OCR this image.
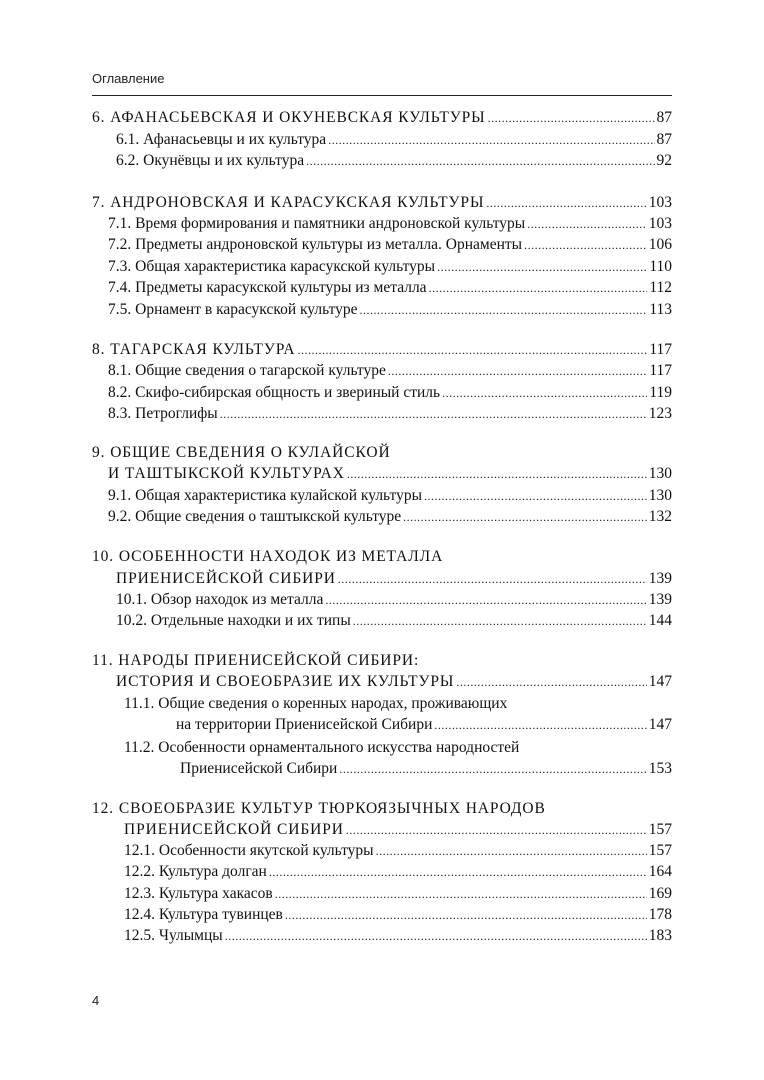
Оглавление
6. АФАНАСЬЕВСКАЯ И ОКУНЕВСКАЯ КУЛЬТУРЫ .....	87
6.1. Афанасьевцы и их культура .....	87
6.2. Окунёвцы и их культура .....	92
7. АНДРОНОВСКАЯ И КАРАСУКСКАЯ КУЛЬТУРЫ .....	103
7.1. Время формирования и памятники андроновской культуры .....	103
7.2. Предметы андроновской культуры из металла. Орнаменты .....	106
7.3. Общая характеристика карасукской культуры .....	110
7.4. Предметы карасукской культуры из металла .....	112
7.5. Орнамент в карасукской культуре .....	113
8. ТАГАРСКАЯ КУЛЬТУРА .....	117
8.1. Общие сведения о тагарской культуре .....	117
8.2. Скифо-сибирская общность и звериный стиль .....	119
8.3. Петроглифы .....	123
9. ОБЩИЕ СВЕДЕНИЯ О КУЛАЙСКОЙ
И ТАШТЫКСКОЙ КУЛЬТУРАХ .....	130
9.1. Общая характеристика кулайской культуры .....	130
9.2. Общие сведения о таштыкской культуре .....	132
10. ОСОБЕННОСТИ НАХОДОК ИЗ МЕТАЛЛА
ПРИЕНИСЕЙСКОЙ СИБИРИ .....	139
10.1. Обзор находок из металла .....	139
10.2. Отдельные находки и их типы .....	144
11. НАРОДЫ ПРИЕНИСЕЙСКОЙ СИБИРИ:
ИСТОРИЯ И СВОЕОБРАЗИЕ ИХ КУЛЬТУРЫ .....	147
11.1. Общие сведения о коренных народах, проживающих
на территории Приенисейской Сибири .....	147
11.2. Особенности орнаментального искусства народностей
Приенисейской Сибири .....	153
12. СВОЕОБРАЗИЕ КУЛЬТУР ТЮРКОЯЗЫЧНЫХ НАРОДОВ
ПРИЕНИСЕЙСКОЙ СИБИРИ .....	157
12.1. Особенности якутской культуры .....	157
12.2. Культура долган .....	164
12.3. Культура хакасов .....	169
12.4. Культура тувинцев .....	178
12.5. Чулымцы .....	183
4
